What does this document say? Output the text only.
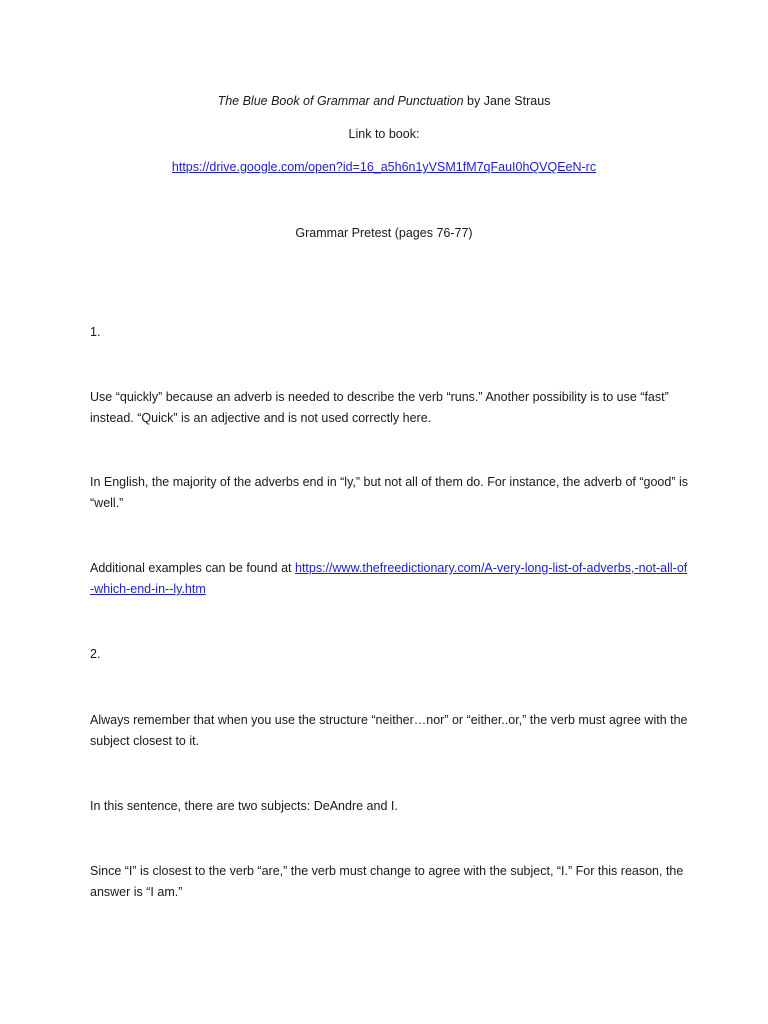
The Blue Book of Grammar and Punctuation by Jane Straus
Link to book:
https://drive.google.com/open?id=16_a5h6n1yVSM1fM7qFauI0hQVQEeN-rc
Grammar Pretest (pages 76-77)
1.
Use “quickly” because an adverb is needed to describe the verb “runs.” Another possibility is to use “fast” instead. “Quick” is an adjective and is not used correctly here.
In English, the majority of the adverbs end in “ly,” but not all of them do. For instance, the adverb of “good” is “well.”
Additional examples can be found at https://www.thefreedictionary.com/A-very-long-list-of-adverbs,-not-all-of-which-end-in--ly.htm
2.
Always remember that when you use the structure “neither…nor” or “either..or,” the verb must agree with the subject closest to it.
In this sentence, there are two subjects: DeAndre and I.
Since “I” is closest to the verb “are,” the verb must change to agree with the subject, “I.” For this reason, the answer is “I am.”
